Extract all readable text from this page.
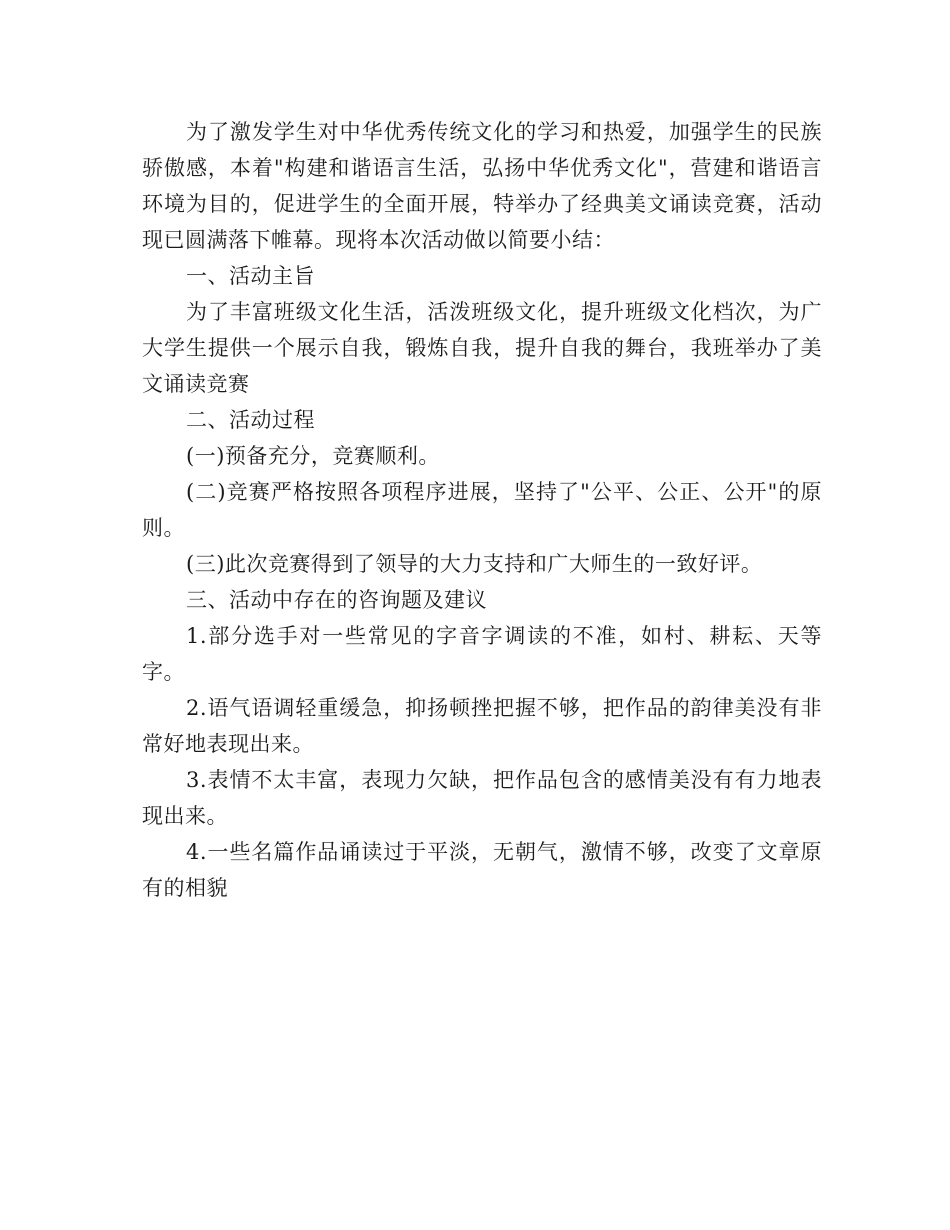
为了激发学生对中华优秀传统文化的学习和热爱，加强学生的民族骄傲感，本着"构建和谐语言生活，弘扬中华优秀文化"，营建和谐语言环境为目的，促进学生的全面开展，特举办了经典美文诵读竞赛，活动现已圆满落下帷幕。现将本次活动做以简要小结：

一、活动主旨

为了丰富班级文化生活，活泼班级文化，提升班级文化档次，为广大学生提供一个展示自我，锻炼自我，提升自我的舞台，我班举办了美文诵读竞赛

二、活动过程

(一)预备充分，竞赛顺利。

(二)竞赛严格按照各项程序进展，坚持了"公平、公正、公开"的原则。

(三)此次竞赛得到了领导的大力支持和广大师生的一致好评。

三、活动中存在的咨询题及建议

1.部分选手对一些常见的字音字调读的不准，如村、耕耘、天等字。

2.语气语调轻重缓急，抑扬顿挫把握不够，把作品的韵律美没有非常好地表现出来。

3.表情不太丰富，表现力欠缺，把作品包含的感情美没有有力地表现出来。

4.一些名篇作品诵读过于平淡，无朝气，激情不够，改变了文章原有的相貌
